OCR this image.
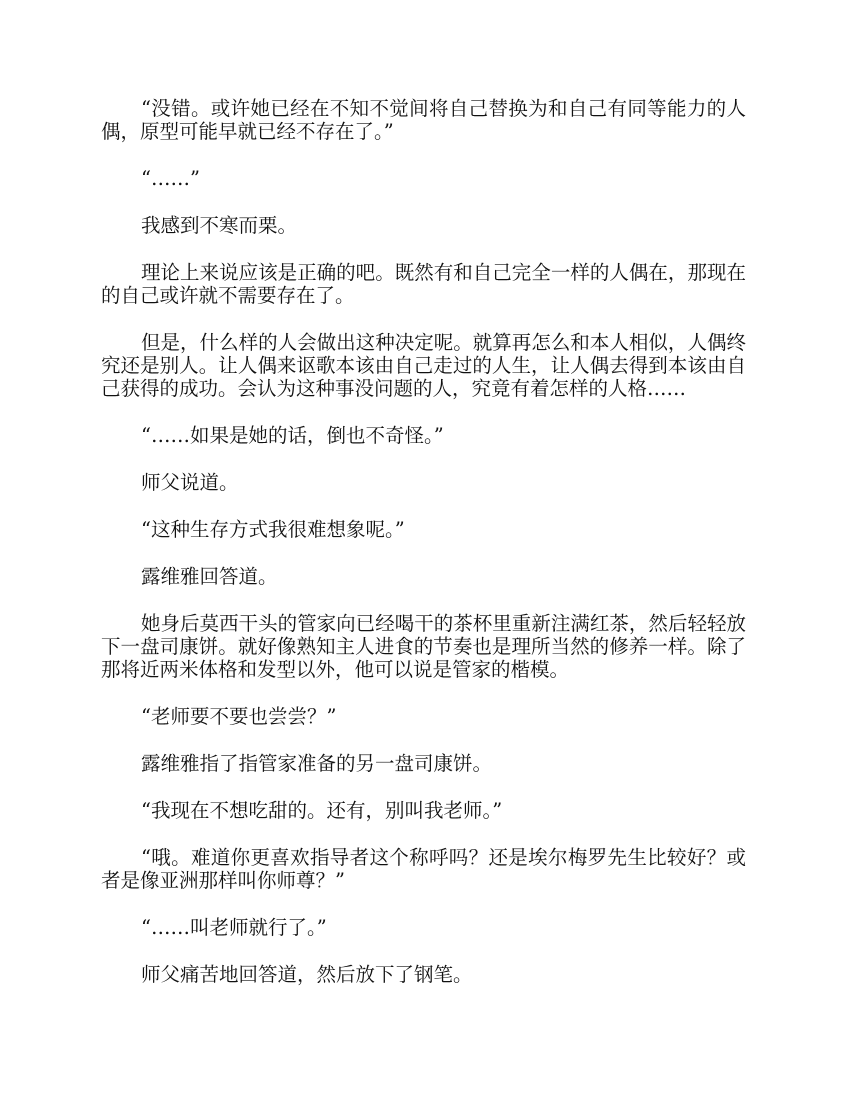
“没错。或许她已经在不知不觉间将自己替换为和自己有同等能力的人偶，原型可能早就已经不存在了。”

“……”

我感到不寒而栗。

理论上来说应该是正确的吧。既然有和自己完全一样的人偶在，那现在的自己或许就不需要存在了。

但是，什么样的人会做出这种决定呢。就算再怎么和本人相似，人偶终究还是别人。让人偶来讴歌本该由自己走过的人生，让人偶去得到本该由自己获得的成功。会认为这种事没问题的人，究竟有着怎样的人格……

“……如果是她的话，倒也不奇怪。”

师父说道。

“这种生存方式我很难想象呢。”

露维雅回答道。

她身后莫西干头的管家向已经喝干的茶杯里重新注满红茶，然后轻轻放下一盘司康饼。就好像熟知主人进食的节奏也是理所当然的修养一样。除了那将近两米体格和发型以外，他可以说是管家的楷模。

“老师要不要也尝尝？”

露维雅指了指管家准备的另一盘司康饼。

“我现在不想吃甜的。还有，别叫我老师。”

“哦。难道你更喜欢指导者这个称呼吗？还是埃尔梅罗先生比较好？或者是像亚洲那样叫你师尊？”

“……叫老师就行了。”

师父痛苦地回答道，然后放下了钢笔。
